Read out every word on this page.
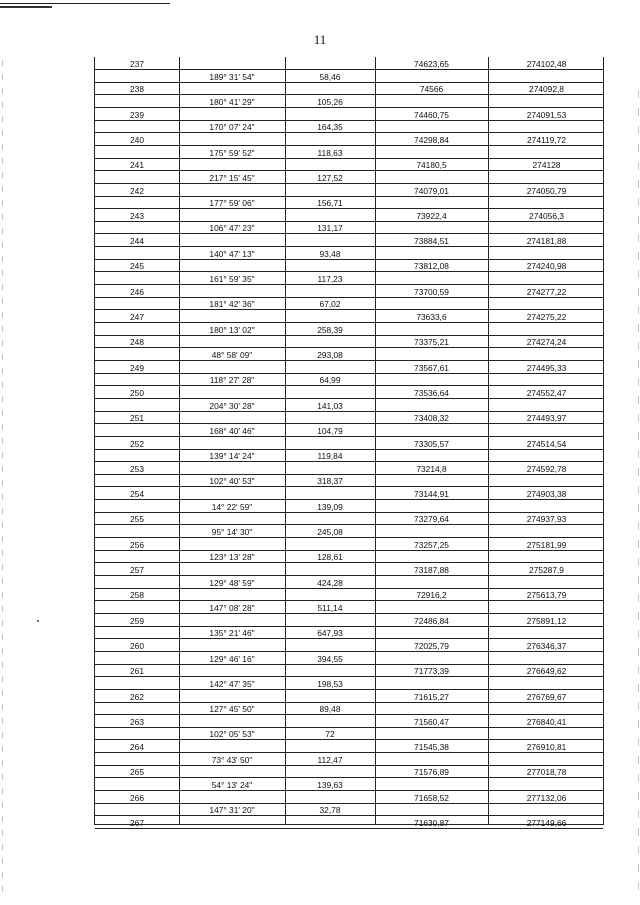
11
237	74623,65	274102,48
189° 31' 54"	58,46
238	74566	274092,8
180° 41' 29"	105,26
239	74460,75	274091,53
170° 07' 24"	164,35
240	74298,84	274119,72
175° 59' 52"	118,63
241	74180,5	274128
217° 15' 45"	127,52
242	74079,01	274050,79
177° 59' 06"	156,71
243	73922,4	274056,3
106° 47' 23"	131,17
244	73884,51	274181,88
140° 47' 13"	93,48
245	73812,08	274240,98
161° 59' 35"	117,23
246	73700,59	274277,22
181° 42' 36"	67,02
247	73633,6	274275,22
180° 13' 02"	258,39
248	73375,21	274274,24
48° 58' 09"	293,08
249	73567,61	274495,33
118° 27' 28"	64,99
250	73536,64	274552,47
204° 30' 28"	141,03
251	73408,32	274493,97
168° 40' 46"	104,79
252	73305,57	274514,54
139° 14' 24"	119,84
253	73214,8	274592,78
102° 40' 53"	318,37
254	73144,91	274903,38
14° 22' 59"	139,09
255	73279,64	274937,93
95° 14' 30"	245,08
256	73257,25	275181,99
123° 13' 28"	128,61
257	73187,88	275287,9
129° 48' 59"	424,28
258	72916,2	275613,79
147° 08' 28"	511,14
259	72486,84	275891,12
135° 21' 46"	647,93
260	72025,79	276346,37
129° 46' 16"	394,55
261	71773,39	276649,62
142° 47' 35"	198,53
262	71615,27	276769,67
127° 45' 50"	89,48
263	71560,47	276840,41
102° 05' 53"	72
264	71545,38	276910,81
73° 43' 50"	112,47
265	71576,89	277018,78
54° 13' 24"	139,63
266	71658,52	277132,06
147° 31' 20"	32,78
267	71630,87	277149,66
